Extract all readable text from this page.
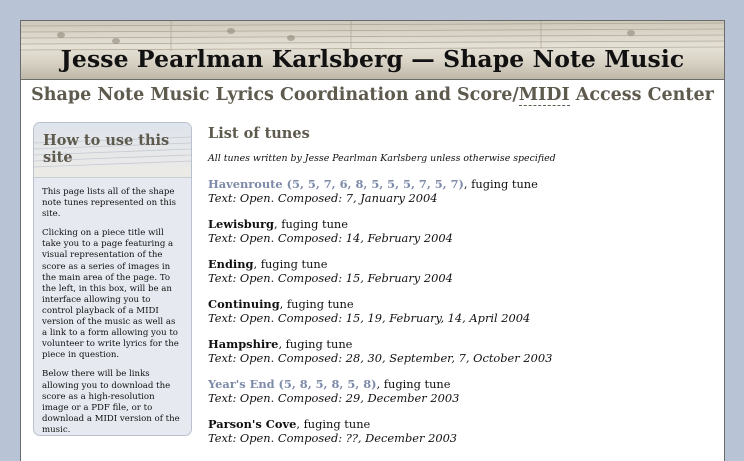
Jesse Pearlman Karlsberg — Shape Note Music
Shape Note Music Lyrics Coordination and Score/MIDI Access Center
How to use this site

This page lists all of the shape note tunes represented on this site.

Clicking on a piece title will take you to a page featuring a visual representation of the score as a series of images in the main area of the page. To the left, in this box, will be an interface allowing you to control playback of a MIDI version of the music as well as a link to a form allowing you to volunteer to write lyrics for the piece in question.

Below there will be links allowing you to download the score as a high-resolution image or a PDF file, or to download a MIDI version of the music.

List of tunes
All tunes written by Jesse Pearlman Karlsberg unless otherwise specified
Havenroute (5, 5, 7, 6, 8, 5, 5, 5, 7, 5, 7), fuging tune
Text: Open. Composed: 7, January 2004
Lewisburg, fuging tune
Text: Open. Composed: 14, February 2004
Ending, fuging tune
Text: Open. Composed: 15, February 2004
Continuing, fuging tune
Text: Open. Composed: 15, 19, February, 14, April 2004
Hampshire, fuging tune
Text: Open. Composed: 28, 30, September, 7, October 2003
Year's End (5, 8, 5, 8, 5, 8), fuging tune
Text: Open. Composed: 29, December 2003
Parson's Cove, fuging tune
Text: Open. Composed: ??, December 2003
